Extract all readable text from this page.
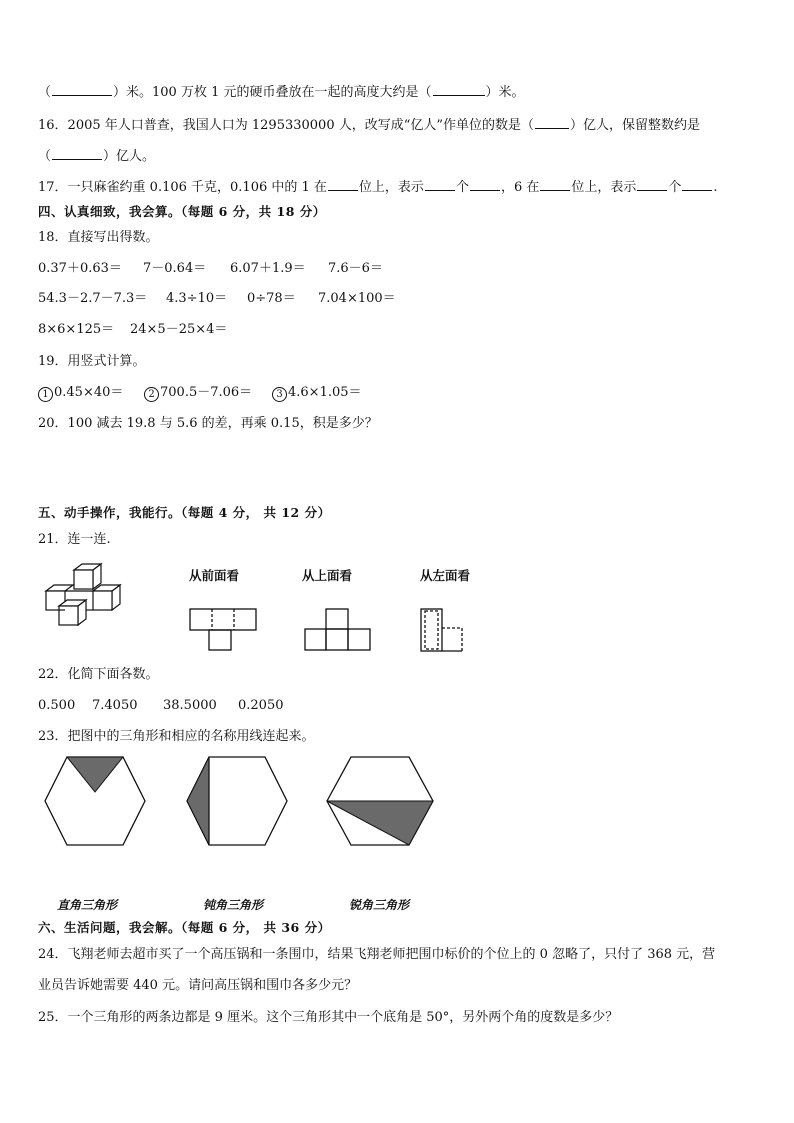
（	）米。100 万枚 1 元的硬币叠放在一起的高度大约是（	）米。
16．2005 年人口普查，我国人口为 1295330000 人，改写成“亿人”作单位的数是（	）亿人，保留整数约是
（	）亿人。
17．一只麻雀约重 0.106 千克，0.106 中的 1 在 位上，表示 个 ，6 在 位上，表示 个 .
四、认真细致，我会算。（每题 6 分，共 18 分）
18．直接写出得数。
0.37＋0.63＝ 7－0.64＝ 6.07＋1.9＝ 7.6－6＝
54.3－2.7－7.3＝ 4.3÷10＝ 0÷78＝ 7.04×100＝
8×6×125＝ 24×5－25×4＝
19．用竖式计算。
1 0.45×40＝ 2 700.5－7.06＝ 3 4.6×1.05＝
20．100 减去 19.8 与 5.6 的差，再乘 0.15，积是多少？
五、动手操作，我能行。（每题 4 分， 共 12 分）
21．连一连.
从前面看	从上面看	从左面看
22．化简下面各数。
0.500 7.4050 38.5000 0.2050
23．把图中的三角形和相应的名称用线连起来。
直角三角形	钝角三角形	锐角三角形
六、生活问题，我会解。（每题 6 分， 共 36 分）
24．飞翔老师去超市买了一个高压锅和一条围巾，结果飞翔老师把围巾标价的个位上的 0 忽略了，只付了 368 元，营
业员告诉她需要 440 元。请问高压锅和围巾各多少元？
25．一个三角形的两条边都是 9 厘米。这个三角形其中一个底角是 50°，另外两个角的度数是多少？
